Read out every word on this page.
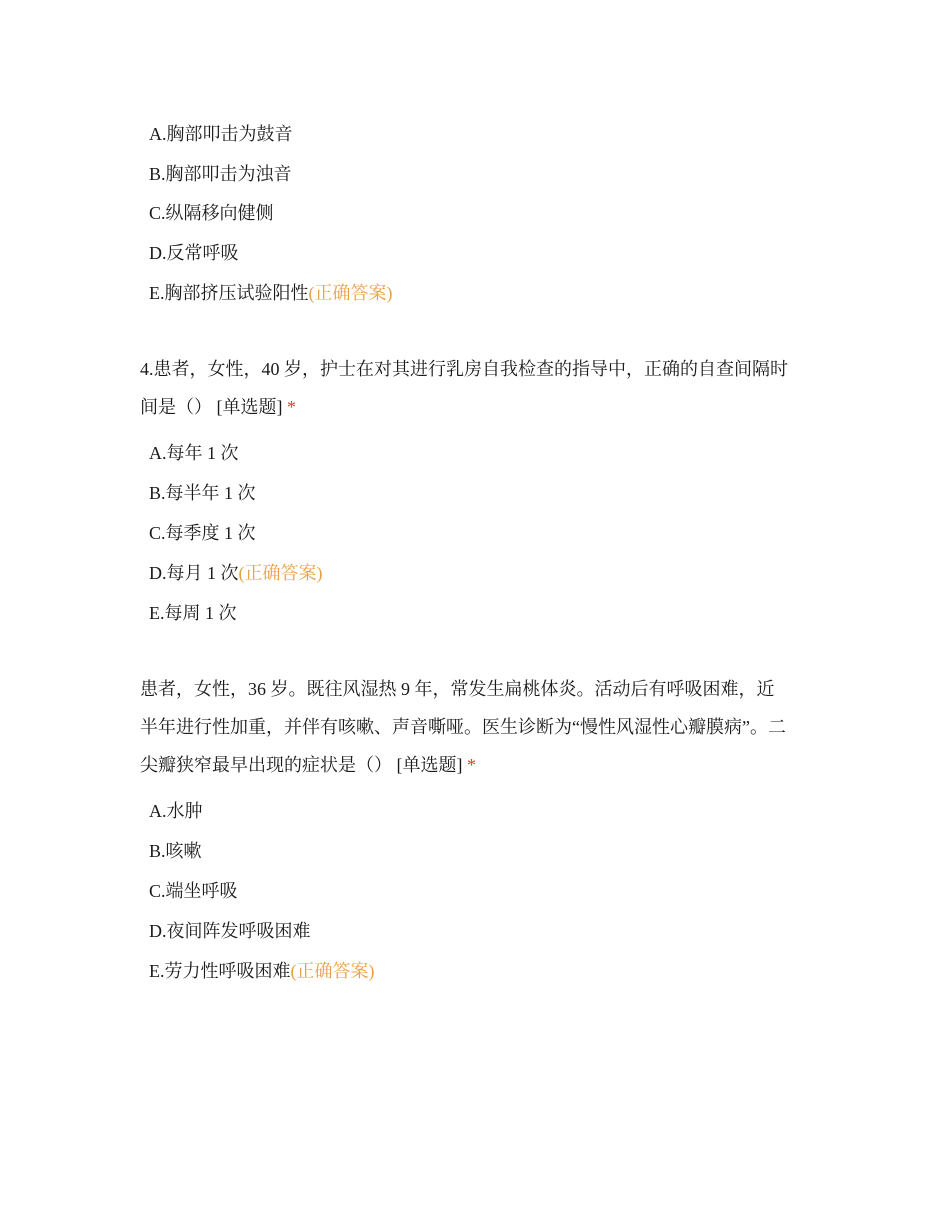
A.胸部叩击为鼓音
B.胸部叩击为浊音
C.纵隔移向健侧
D.反常呼吸
E.胸部挤压试验阳性(正确答案)
4.患者，女性，40 岁，护士在对其进行乳房自我检查的指导中，正确的自查间隔时
间是（） [单选题] *
A.每年 1 次
B.每半年 1 次
C.每季度 1 次
D.每月 1 次(正确答案)
E.每周 1 次
患者，女性，36 岁。既往风湿热 9 年，常发生扁桃体炎。活动后有呼吸困难，近
半年进行性加重，并伴有咳嗽、声音嘶哑。医生诊断为“慢性风湿性心瓣膜病”。二
尖瓣狭窄最早出现的症状是（） [单选题] *
A.水肿
B.咳嗽
C.端坐呼吸
D.夜间阵发呼吸困难
E.劳力性呼吸困难(正确答案)
